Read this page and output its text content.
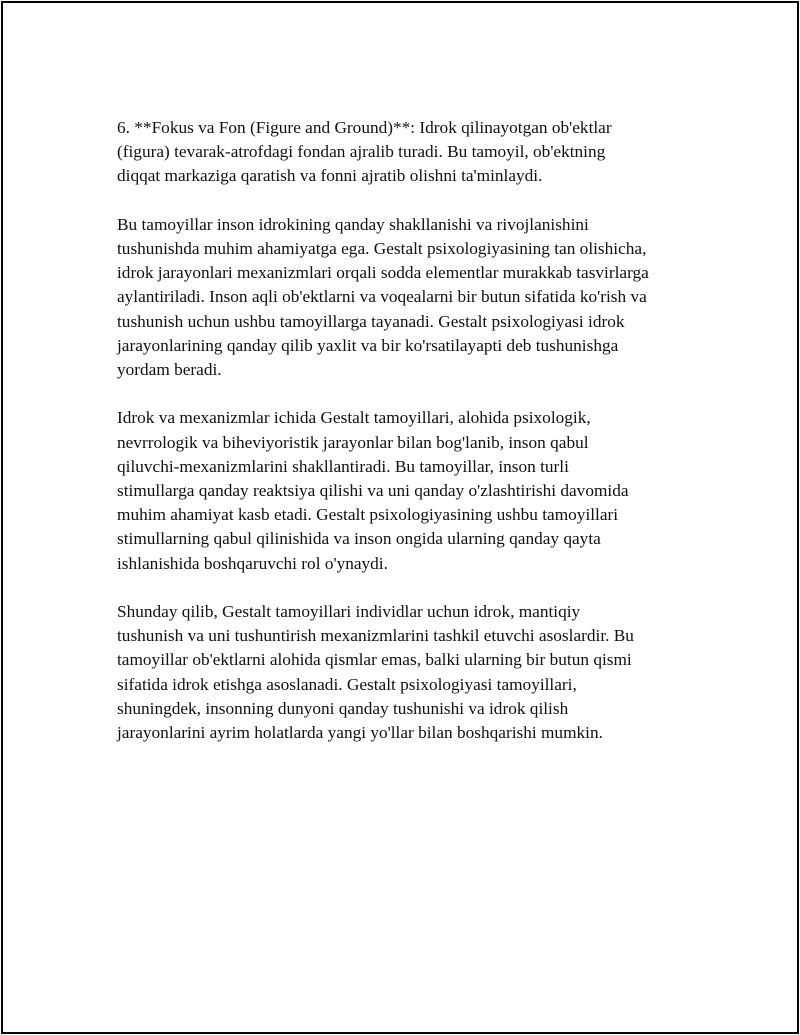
6. **Fokus va Fon (Figure and Ground)**: Idrok qilinayotgan ob'ektlar
(figura) tevarak-atrofdagi fondan ajralib turadi. Bu tamoyil, ob'ektning
diqqat markaziga qaratish va fonni ajratib olishni ta'minlaydi.

Bu tamoyillar inson idrokining qanday shakllanishi va rivojlanishini
tushunishda muhim ahamiyatga ega. Gestalt psixologiyasining tan olishicha,
idrok jarayonlari mexanizmlari orqali sodda elementlar murakkab tasvirlarga
aylantiriladi. Inson aqli ob'ektlarni va voqealarni bir butun sifatida ko'rish va
tushunish uchun ushbu tamoyillarga tayanadi. Gestalt psixologiyasi idrok
jarayonlarining qanday qilib yaxlit va bir ko'rsatilayapti deb tushunishga
yordam beradi.

Idrok va mexanizmlar ichida Gestalt tamoyillari, alohida psixologik,
nevrrologik va biheviyoristik jarayonlar bilan bog'lanib, inson qabul
qiluvchi-mexanizmlarini shakllantiradi. Bu tamoyillar, inson turli
stimullarga qanday reaktsiya qilishi va uni qanday o'zlashtirishi davomida
muhim ahamiyat kasb etadi. Gestalt psixologiyasining ushbu tamoyillari
stimullarning qabul qilinishida va inson ongida ularning qanday qayta
ishlanishida boshqaruvchi rol o'ynaydi.

Shunday qilib, Gestalt tamoyillari individlar uchun idrok, mantiqiy
tushunish va uni tushuntirish mexanizmlarini tashkil etuvchi asoslardir. Bu
tamoyillar ob'ektlarni alohida qismlar emas, balki ularning bir butun qismi
sifatida idrok etishga asoslanadi. Gestalt psixologiyasi tamoyillari,
shuningdek, insonning dunyoni qanday tushunishi va idrok qilish
jarayonlarini ayrim holatlarda yangi yo'llar bilan boshqarishi mumkin.
